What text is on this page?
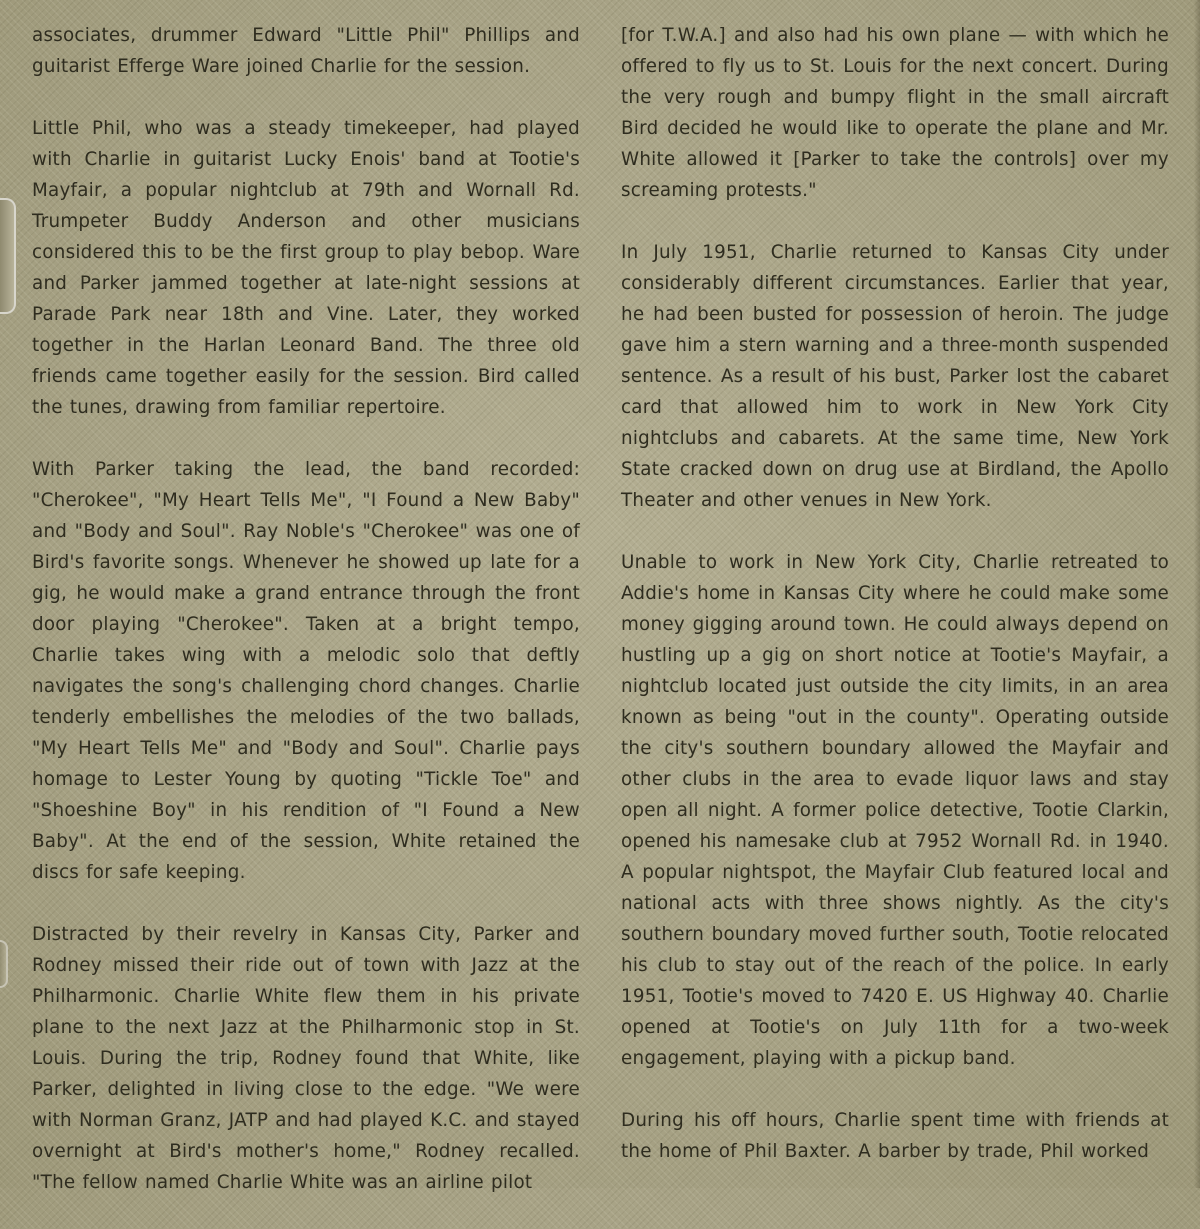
associates, drummer Edward "Little Phil" Phillips and guitarist Efferge Ware joined Charlie for the session.

Little Phil, who was a steady timekeeper, had played with Charlie in guitarist Lucky Enois' band at Tootie's Mayfair, a popular nightclub at 79th and Wornall Rd. Trumpeter Buddy Anderson and other musicians considered this to be the first group to play bebop. Ware and Parker jammed together at late-night sessions at Parade Park near 18th and Vine. Later, they worked together in the Harlan Leonard Band. The three old friends came together easily for the session. Bird called the tunes, drawing from familiar repertoire.

With Parker taking the lead, the band recorded: "Cherokee", "My Heart Tells Me", "I Found a New Baby" and "Body and Soul". Ray Noble's "Cherokee" was one of Bird's favorite songs. Whenever he showed up late for a gig, he would make a grand entrance through the front door playing "Cherokee". Taken at a bright tempo, Charlie takes wing with a melodic solo that deftly navigates the song's challenging chord changes. Charlie tenderly embellishes the melodies of the two ballads, "My Heart Tells Me" and "Body and Soul". Charlie pays homage to Lester Young by quoting "Tickle Toe" and "Shoeshine Boy" in his rendition of "I Found a New Baby". At the end of the session, White retained the discs for safe keeping.

Distracted by their revelry in Kansas City, Parker and Rodney missed their ride out of town with Jazz at the Philharmonic. Charlie White flew them in his private plane to the next Jazz at the Philharmonic stop in St. Louis. During the trip, Rodney found that White, like Parker, delighted in living close to the edge. "We were with Norman Granz, JATP and had played K.C. and stayed overnight at Bird's mother's home," Rodney recalled. "The fellow named Charlie White was an airline pilot

[for T.W.A.] and also had his own plane — with which he offered to fly us to St. Louis for the next concert. During the very rough and bumpy flight in the small aircraft Bird decided he would like to operate the plane and Mr. White allowed it [Parker to take the controls] over my screaming protests."

In July 1951, Charlie returned to Kansas City under considerably different circumstances. Earlier that year, he had been busted for possession of heroin. The judge gave him a stern warning and a three-month suspended sentence. As a result of his bust, Parker lost the cabaret card that allowed him to work in New York City nightclubs and cabarets. At the same time, New York State cracked down on drug use at Birdland, the Apollo Theater and other venues in New York.

Unable to work in New York City, Charlie retreated to Addie's home in Kansas City where he could make some money gigging around town. He could always depend on hustling up a gig on short notice at Tootie's Mayfair, a nightclub located just outside the city limits, in an area known as being "out in the county". Operating outside the city's southern boundary allowed the Mayfair and other clubs in the area to evade liquor laws and stay open all night. A former police detective, Tootie Clarkin, opened his namesake club at 7952 Wornall Rd. in 1940. A popular nightspot, the Mayfair Club featured local and national acts with three shows nightly. As the city's southern boundary moved further south, Tootie relocated his club to stay out of the reach of the police. In early 1951, Tootie's moved to 7420 E. US Highway 40. Charlie opened at Tootie's on July 11th for a two-week engagement, playing with a pickup band.

During his off hours, Charlie spent time with friends at the home of Phil Baxter. A barber by trade, Phil worked
